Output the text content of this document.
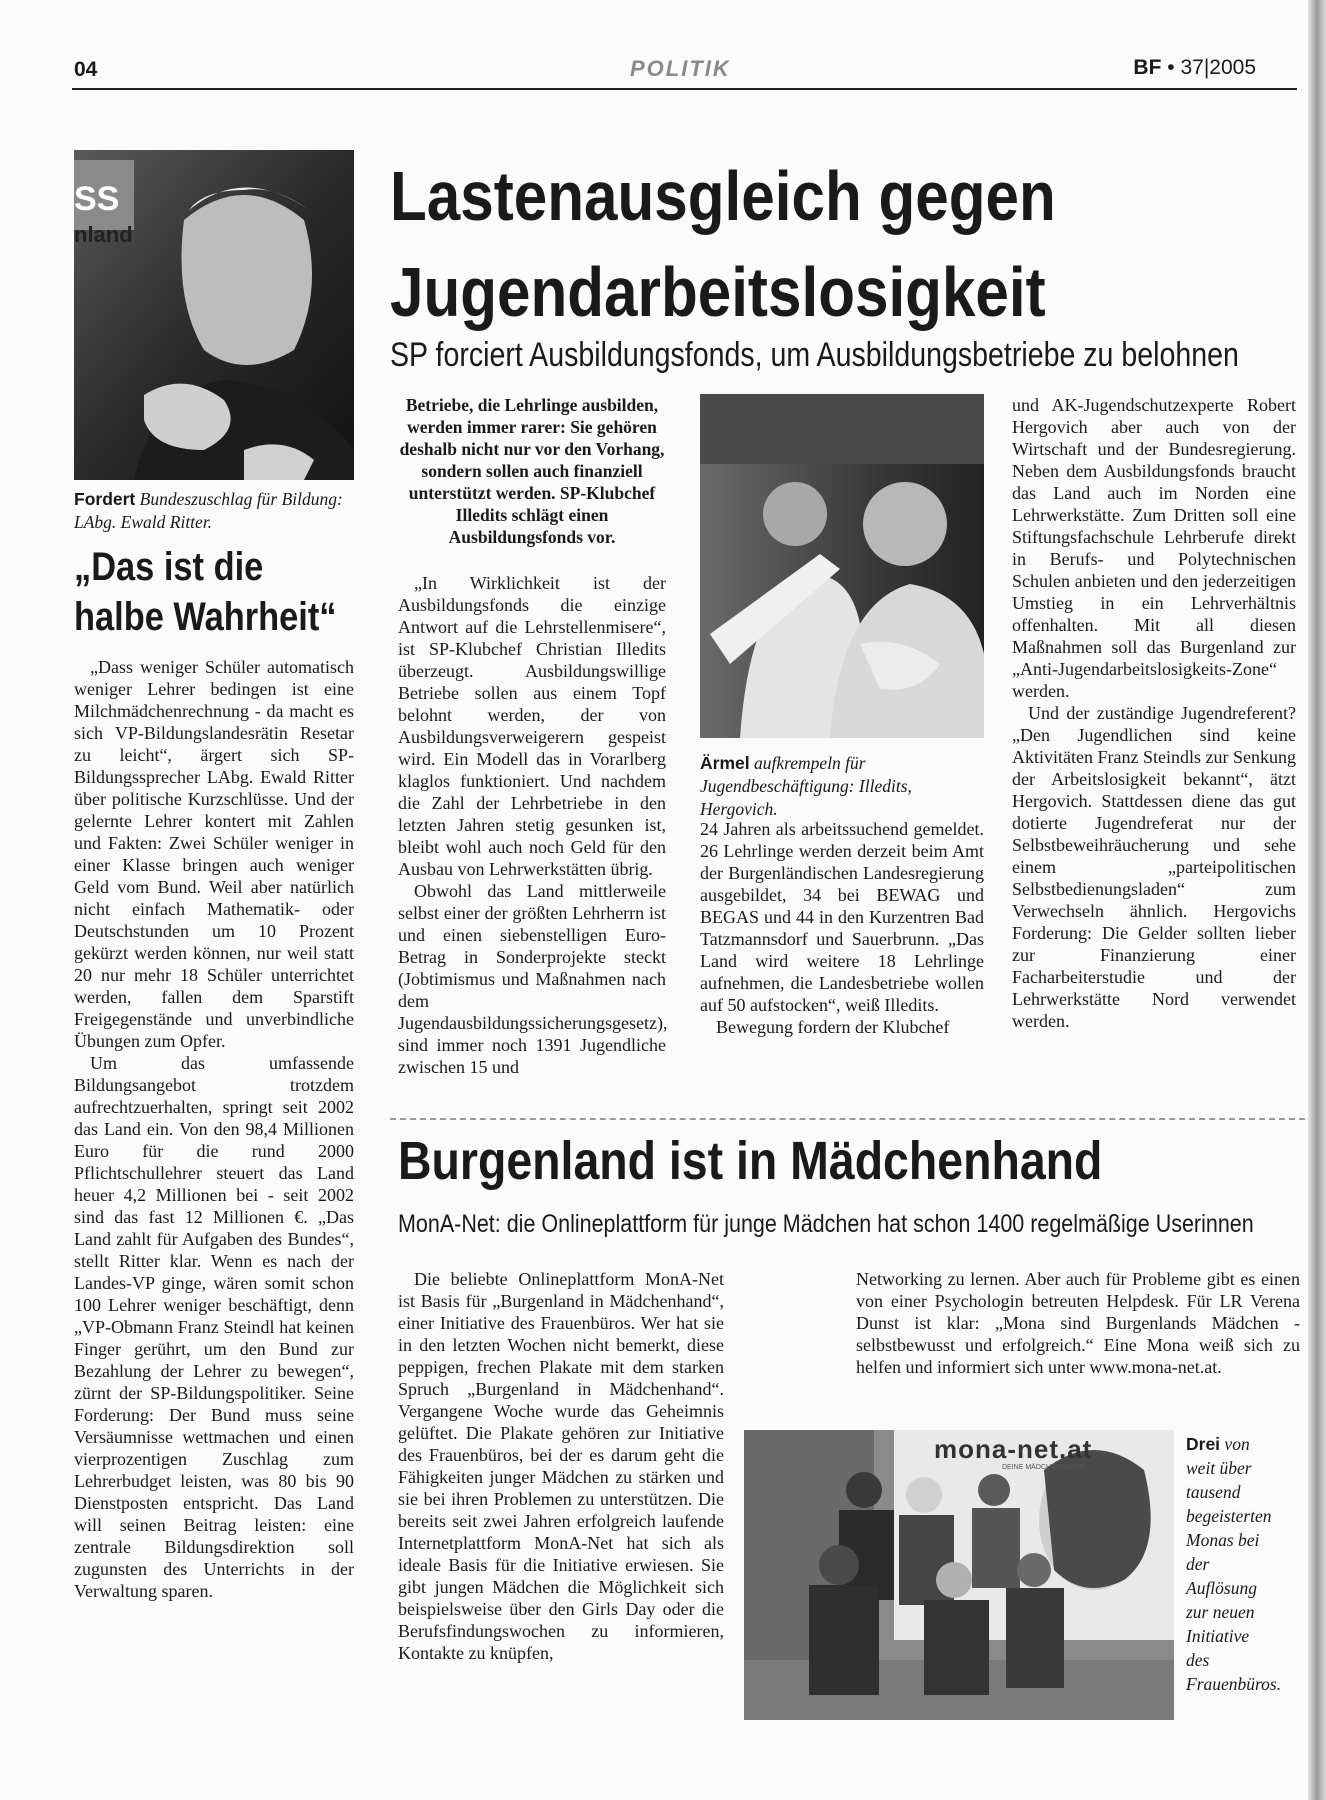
04	POLITIK	BF • 37|2005
SS
nland
Fordert Bundeszuschlag für Bildung: LAbg. Ewald Ritter.
„Das ist die
halbe Wahrheit“

„Dass weniger Schüler automatisch weniger Lehrer bedingen ist eine Milchmädchenrechnung - da macht es sich VP-Bildungslandesrätin Resetar zu leicht“, ärgert sich SP-Bildungssprecher LAbg. Ewald Ritter über politische Kurzschlüsse. Und der gelernte Lehrer kontert mit Zahlen und Fakten: Zwei Schüler weniger in einer Klasse bringen auch weniger Geld vom Bund. Weil aber natürlich nicht einfach Mathematik- oder Deutschstunden um 10 Prozent gekürzt werden können, nur weil statt 20 nur mehr 18 Schüler unterrichtet werden, fallen dem Sparstift Freigegenstände und unverbindliche Übungen zum Opfer.

Um das umfassende Bildungsangebot trotzdem aufrechtzuerhalten, springt seit 2002 das Land ein. Von den 98,4 Millionen Euro für die rund 2000 Pflichtschullehrer steuert das Land heuer 4,2 Millionen bei - seit 2002 sind das fast 12 Millionen €. „Das Land zahlt für Aufgaben des Bundes“, stellt Ritter klar. Wenn es nach der Landes-VP ginge, wären somit schon 100 Lehrer weniger beschäftigt, denn „VP-Obmann Franz Steindl hat keinen Finger gerührt, um den Bund zur Bezahlung der Lehrer zu bewegen“, zürnt der SP-Bildungspolitiker. Seine Forderung: Der Bund muss seine Versäumnisse wettmachen und einen vierprozentigen Zuschlag zum Lehrerbudget leisten, was 80 bis 90 Dienstposten entspricht. Das Land will seinen Beitrag leisten: eine zentrale Bildungsdirektion soll zugunsten des Unterrichts in der Verwaltung sparen.

Lastenausgleich gegen
Jugendarbeitslosigkeit
SP forciert Ausbildungsfonds, um Ausbildungsbetriebe zu belohnen

Betriebe, die Lehrlinge ausbilden, werden immer rarer: Sie gehören deshalb nicht nur vor den Vorhang, sondern sollen auch finanziell unterstützt werden. SP-Klubchef Illedits schlägt einen Ausbildungsfonds vor.

„In Wirklichkeit ist der Ausbildungsfonds die einzige Antwort auf die Lehrstellenmisere“, ist SP-Klubchef Christian Illedits überzeugt. Ausbildungswillige Betriebe sollen aus einem Topf belohnt werden, der von Ausbildungsverweigerern gespeist wird. Ein Modell das in Vorarlberg klaglos funktioniert. Und nachdem die Zahl der Lehrbetriebe in den letzten Jahren stetig gesunken ist, bleibt wohl auch noch Geld für den Ausbau von Lehrwerkstätten übrig.

Obwohl das Land mittlerweile selbst einer der größten Lehrherrn ist und einen siebenstelligen Euro-Betrag in Sonderprojekte steckt (Jobtimismus und Maßnahmen nach dem Jugendausbildungssicherungsgesetz), sind immer noch 1391 Jugendliche zwischen 15 und

Ärmel aufkrempeln für Jugendbeschäftigung: Illedits, Hergovich.

24 Jahren als arbeitssuchend gemeldet. 26 Lehrlinge werden derzeit beim Amt der Burgenländischen Landesregierung ausgebildet, 34 bei BEWAG und BEGAS und 44 in den Kurzentren Bad Tatzmannsdorf und Sauerbrunn. „Das Land wird weitere 18 Lehrlinge aufnehmen, die Landesbetriebe wollen auf 50 aufstocken“, weiß Illedits.

Bewegung fordern der Klubchef

und AK-Jugendschutzexperte Robert Hergovich aber auch von der Wirtschaft und der Bundesregierung. Neben dem Ausbildungsfonds braucht das Land auch im Norden eine Lehrwerkstätte. Zum Dritten soll eine Stiftungsfachschule Lehrberufe direkt in Berufs- und Polytechnischen Schulen anbieten und den jederzeitigen Umstieg in ein Lehrverhältnis offenhalten. Mit all diesen Maßnahmen soll das Burgenland zur „Anti-Jugendarbeitslosigkeits-Zone“ werden.

Und der zuständige Jugendreferent? „Den Jugendlichen sind keine Aktivitäten Franz Steindls zur Senkung der Arbeitslosigkeit bekannt“, ätzt Hergovich. Stattdessen diene das gut dotierte Jugendreferat nur der Selbstbeweihräucherung und sehe einem „parteipolitischen Selbstbedienungsladen“ zum Verwechseln ähnlich. Hergovichs Forderung: Die Gelder sollten lieber zur Finanzierung einer Facharbeiterstudie und der Lehrwerkstätte Nord verwendet werden.

Burgenland ist in Mädchenhand
MonA-Net: die Onlineplattform für junge Mädchen hat schon 1400 regelmäßige Userinnen

Die beliebte Onlineplattform MonA-Net ist Basis für „Burgenland in Mädchenhand“, einer Initiative des Frauenbüros. Wer hat sie in den letzten Wochen nicht bemerkt, diese peppigen, frechen Plakate mit dem starken Spruch „Burgenland in Mädchenhand“. Vergangene Woche wurde das Geheimnis gelüftet. Die Plakate gehören zur Initiative des Frauenbüros, bei der es darum geht die Fähigkeiten junger Mädchen zu stärken und sie bei ihren Problemen zu unterstützen. Die bereits seit zwei Jahren erfolgreich laufende Internetplattform MonA-Net hat sich als ideale Basis für die Initiative erwiesen. Sie gibt jungen Mädchen die Möglichkeit sich beispielsweise über den Girls Day oder die Berufsfindungswochen zu informieren, Kontakte zu knüpfen,

Networking zu lernen. Aber auch für Probleme gibt es einen von einer Psychologin betreuten Helpdesk. Für LR Verena Dunst ist klar: „Mona sind Burgenlands Mädchen - selbstbewusst und erfolgreich.“ Eine Mona weiß sich zu helfen und informiert sich unter www.mona-net.at.

mona-net.at
DEINE MÄDCHENSACHE
Drei von weit über tausend begeisterten Monas bei der Auflösung zur neuen Initiative des Frauenbüros.
